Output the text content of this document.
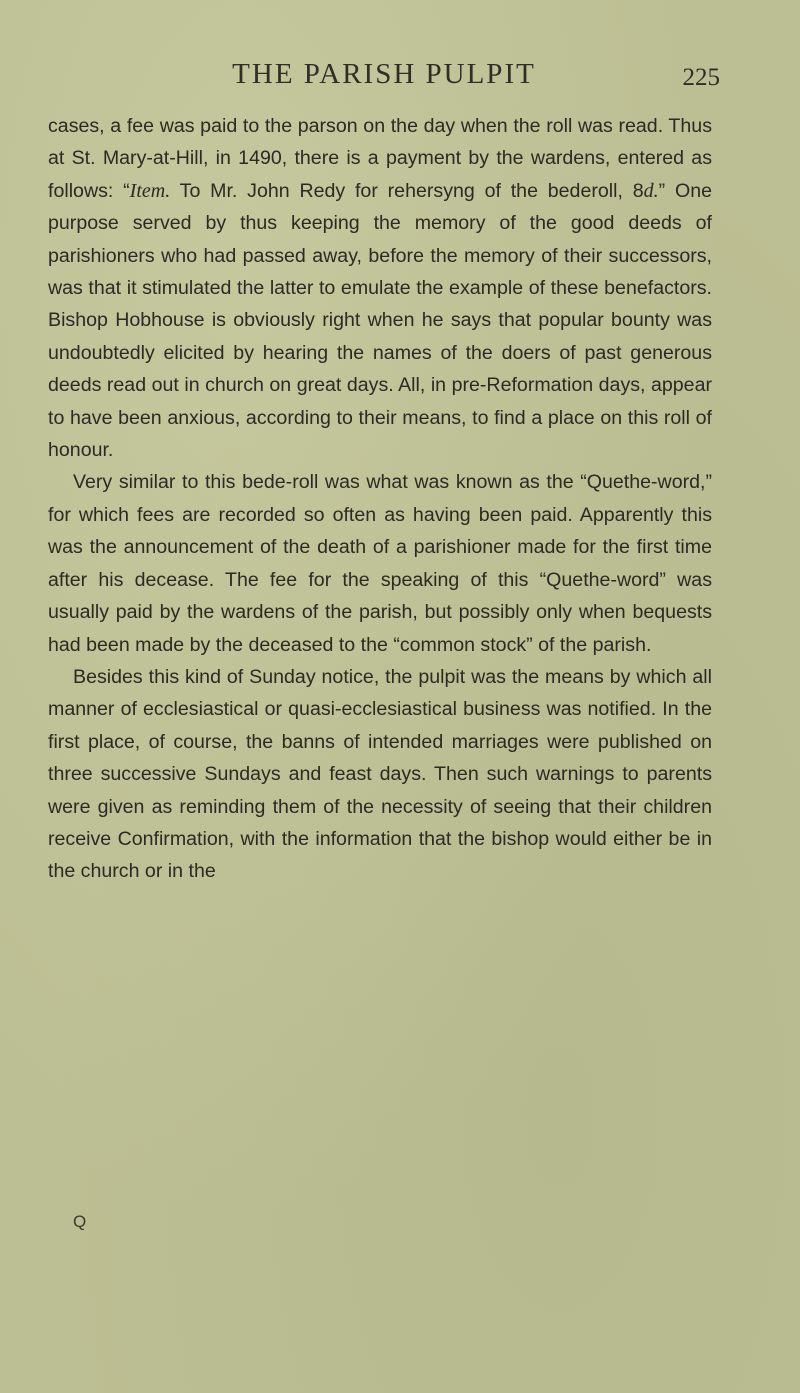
THE PARISH PULPIT	225

cases, a fee was paid to the parson on the day when the roll was read. Thus at St. Mary-at-Hill, in 1490, there is a payment by the wardens, entered as follows: “Item. To Mr. John Redy for rehersyng of the bederoll, 8d.” One purpose served by thus keeping the memory of the good deeds of parishioners who had passed away, before the memory of their successors, was that it stimulated the latter to emulate the example of these benefactors. Bishop Hobhouse is obviously right when he says that popular bounty was undoubtedly elicited by hearing the names of the doers of past generous deeds read out in church on great days. All, in pre-Reformation days, appear to have been anxious, according to their means, to find a place on this roll of honour.

Very similar to this bede-roll was what was known as the “Quethe-word,” for which fees are recorded so often as having been paid. Apparently this was the announcement of the death of a parishioner made for the first time after his decease. The fee for the speaking of this “Quethe-word” was usually paid by the wardens of the parish, but possibly only when bequests had been made by the deceased to the “common stock” of the parish.

Besides this kind of Sunday notice, the pulpit was the means by which all manner of ecclesiastical or quasi-ecclesiastical business was notified. In the first place, of course, the banns of intended marriages were published on three successive Sundays and feast days. Then such warnings to parents were given as reminding them of the necessity of seeing that their children receive Confirmation, with the information that the bishop would either be in the church or in the

Q
